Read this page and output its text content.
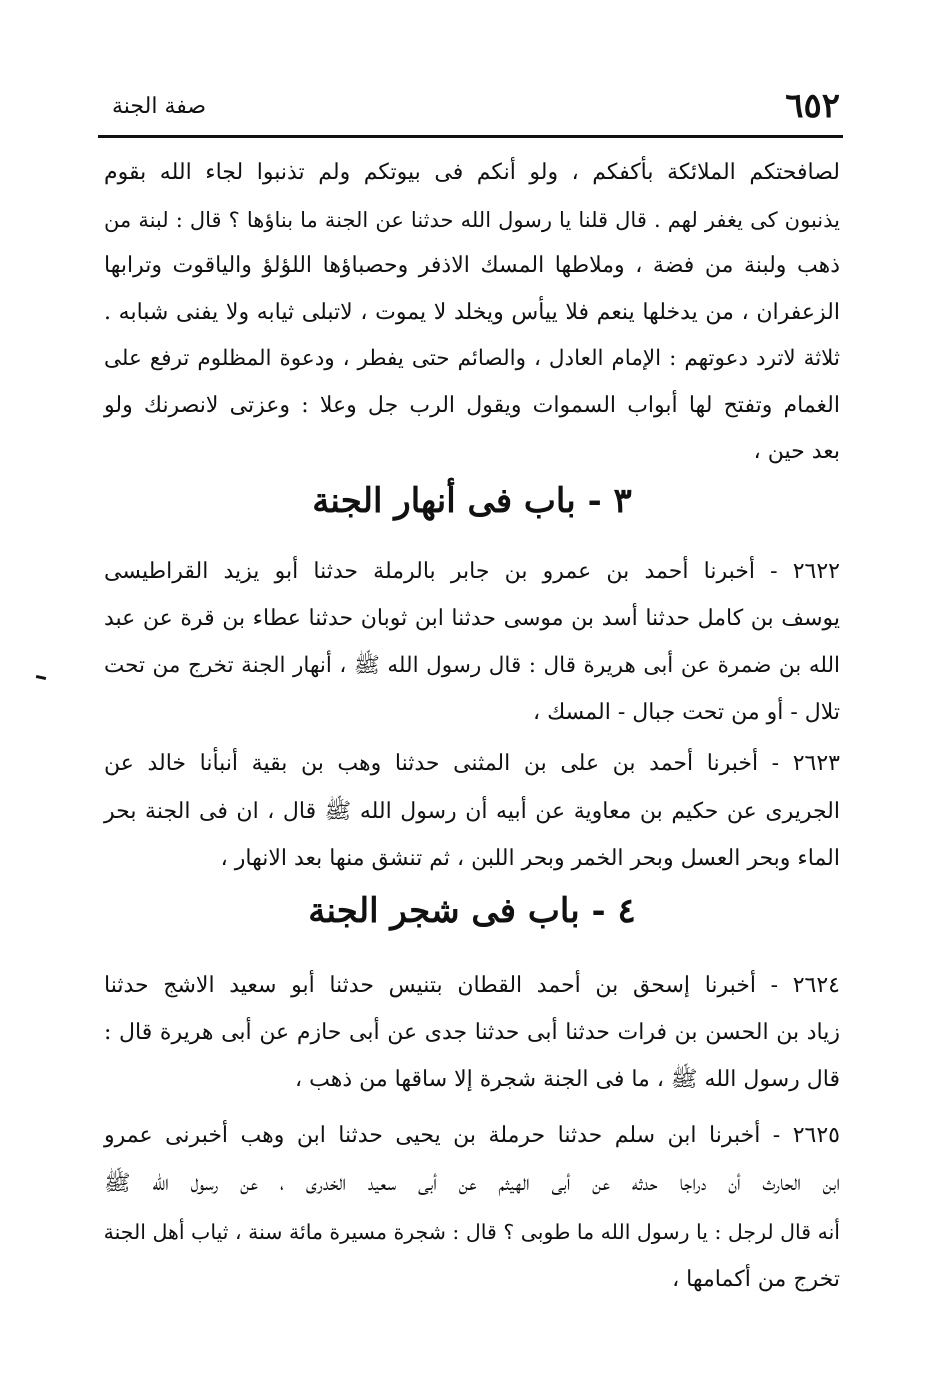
٦٥٢
صفة الجنة
لصافحتكم الملائكة بأكفكم ، ولو أنكم فى بيوتكم ولم تذنبوا لجاء الله بقوم
يذنبون كى يغفر لهم . قال قلنا يا رسول الله حدثنا عن الجنة ما بناؤها ؟ قال : لبنة من
ذهب ولبنة من فضة ، وملاطها المسك الاذفر وحصباؤها اللؤلؤ والياقوت وترابها
الزعفران ، من يدخلها ينعم فلا ييأس ويخلد لا يموت ، لاتبلى ثيابه ولا يفنى شبابه .
ثلاثة لاترد دعوتهم : الإمام العادل ، والصائم حتى يفطر ، ودعوة المظلوم ترفع على
الغمام وتفتح لها أبواب السموات ويقول الرب جل وعلا : وعزتى لانصرنك ولو
بعد حين ،
٣ - باب فى أنهار الجنة
٢٦٢٢ - أخبرنا أحمد بن عمرو بن جابر بالرملة حدثنا أبو يزيد القراطيسى
يوسف بن كامل حدثنا أسد بن موسى حدثنا ابن ثوبان حدثنا عطاء بن قرة عن عبد
الله بن ضمرة عن أبى هريرة قال : قال رسول الله ﷺ ، أنهار الجنة تخرج من تحت
تلال - أو من تحت جبال - المسك ،
٢٦٢٣ - أخبرنا أحمد بن على بن المثنى حدثنا وهب بن بقية أنبأنا خالد عن
الجريرى عن حكيم بن معاوية عن أبيه أن رسول الله ﷺ قال ، ان فى الجنة بحر
الماء وبحر العسل وبحر الخمر وبحر اللبن ، ثم تنشق منها بعد الانهار ،
٤ - باب فى شجر الجنة
٢٦٢٤ - أخبرنا إسحق بن أحمد القطان بتنيس حدثنا أبو سعيد الاشج حدثنا
زياد بن الحسن بن فرات حدثنا أبى حدثنا جدى عن أبى حازم عن أبى هريرة قال :
قال رسول الله ﷺ ، ما فى الجنة شجرة إلا ساقها من ذهب ،
٢٦٢٥ - أخبرنا ابن سلم حدثنا حرملة بن يحيى حدثنا ابن وهب أخبرنى عمرو
ابن الحارث أن دراجا حدثه عن أبى الهيثم عن أبى سعيد الخدرى ، عن رسول الله ﷺ
أنه قال لرجل : يا رسول الله ما طوبى ؟ قال : شجرة مسيرة مائة سنة ، ثياب أهل الجنة
تخرج من أكمامها ،
